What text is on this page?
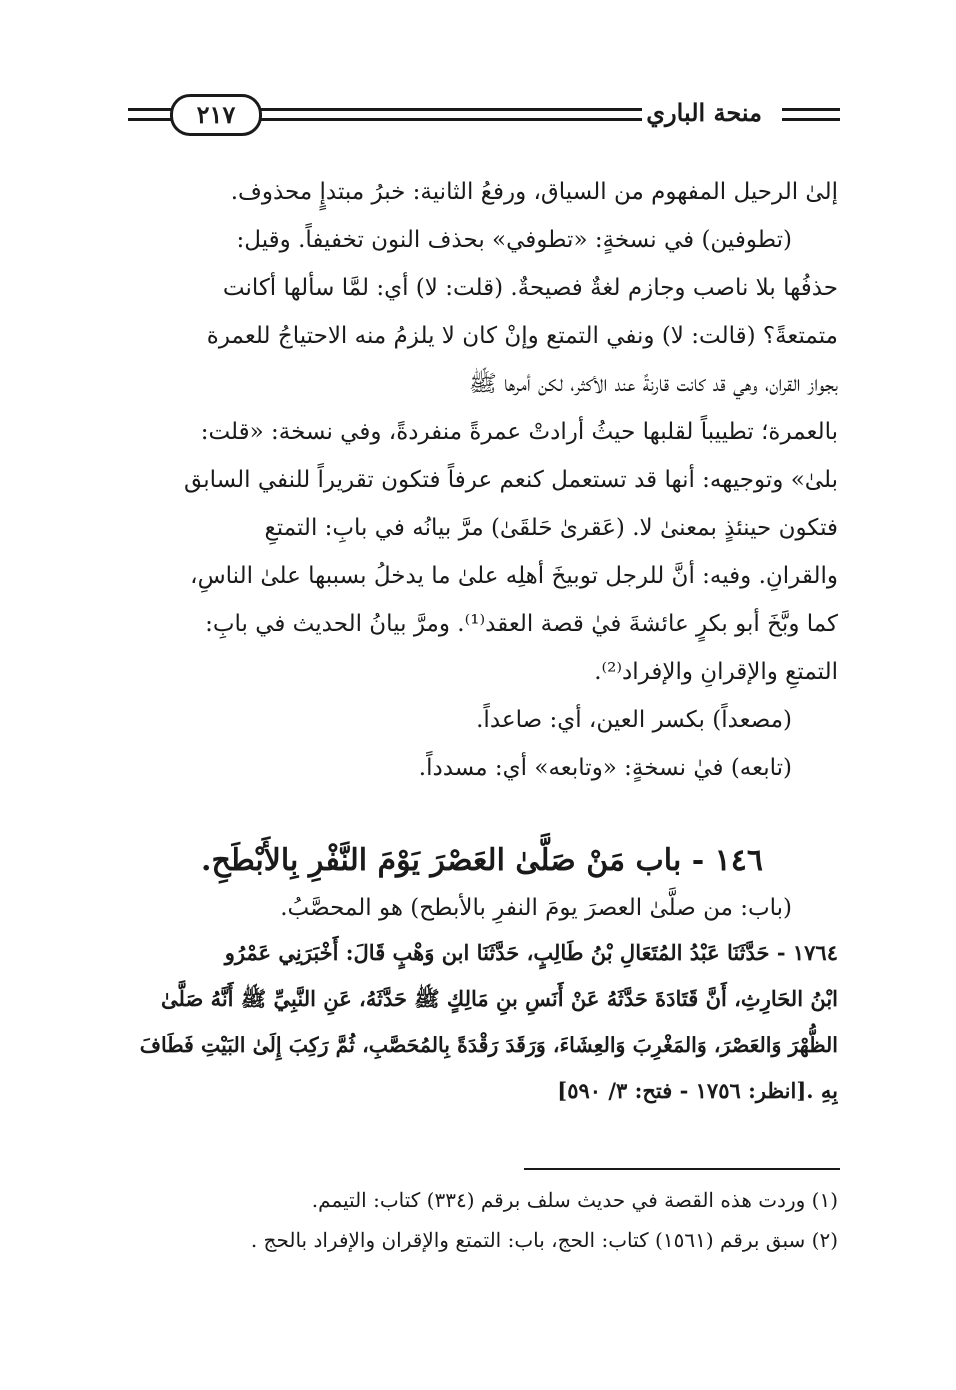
منحة الباري
٢١٧
إلىٰ الرحيل المفهوم من السياق، ورفعُ الثانية: خبرُ مبتدإٍ محذوف.
(تطوفين) في نسخةٍ: «تطوفي» بحذف النون تخفيفاً. وقيل:
حذفُها بلا ناصب وجازم لغةٌ فصيحةٌ. (قلت: لا) أي: لمَّا سألها أكانت
متمتعةً؟ (قالت: لا) ونفي التمتع وإنْ كان لا يلزمُ منه الاحتياجُ للعمرة
بجواز القران، وهي قد كانت قارنةً عند الأكثر، لكن أمرها ﷺ
بالعمرة؛ تطييباً لقلبها حيثُ أرادتْ عمرةً منفردةً، وفي نسخة: «قلت:
بلىٰ» وتوجيهه: أنها قد تستعمل كنعم عرفاً فتكون تقريراً للنفي السابق
فتكون حينئذٍ بمعنىٰ لا. (عَقرىٰ حَلقَىٰ) مرَّ بيانُه في بابِ: التمتعِ
والقرانِ. وفيه: أنَّ للرجل توبيخَ أهلِه علىٰ ما يدخلُ بسببها علىٰ الناسِ،
كما وبَّخَ أبو بكرٍ عائشةَ فيٰ قصة العقد⁽¹⁾. ومرَّ بيانُ الحديث في بابِ:
التمتعِ والإقرانِ والإفراد⁽²⁾.
(مصعداً) بكسر العين، أي: صاعداً.
(تابعه) فيٰ نسخةٍ: «وتابعه» أي: مسدداً.
١٤٦ - باب مَنْ صَلَّىٰ العَصْرَ يَوْمَ النَّفْرِ بِالأَبْطَحِ.
(باب: من صلَّىٰ العصرَ يومَ النفرِ بالأبطح) هو المحصَّبُ.
١٧٦٤ - حَدَّثَنَا عَبْدُ المُتَعَالِ بْنُ طَالِبٍ، حَدَّثَنَا ابن وَهْبٍ قَالَ: أَخْبَرَنِي عَمْرُو
ابْنُ الحَارِثِ، أَنَّ قَتَادَةَ حَدَّثَهُ عَنْ أَنَسِ بنِ مَالِكٍ ﷺ حَدَّثَهُ، عَنِ النَّبِيِّ ﷺ أَنَّهُ صَلَّىٰ
الظُّهْرَ وَالعَصْرَ، وَالمَغْرِبَ وَالعِشَاءَ، وَرَقَدَ رَقْدَةً بِالمُحَصَّبِ، ثُمَّ رَكِبَ إِلَىٰ البَيْتِ فَطَافَ
بِهِ .[انظر: ١٧٥٦ - فتح: ٣/ ٥٩٠]
(١) وردت هذه القصة في حديث سلف برقم (٣٣٤) كتاب: التيمم.
(٢) سبق برقم (١٥٦١) كتاب: الحج، باب: التمتع والإقران والإفراد بالحج .
